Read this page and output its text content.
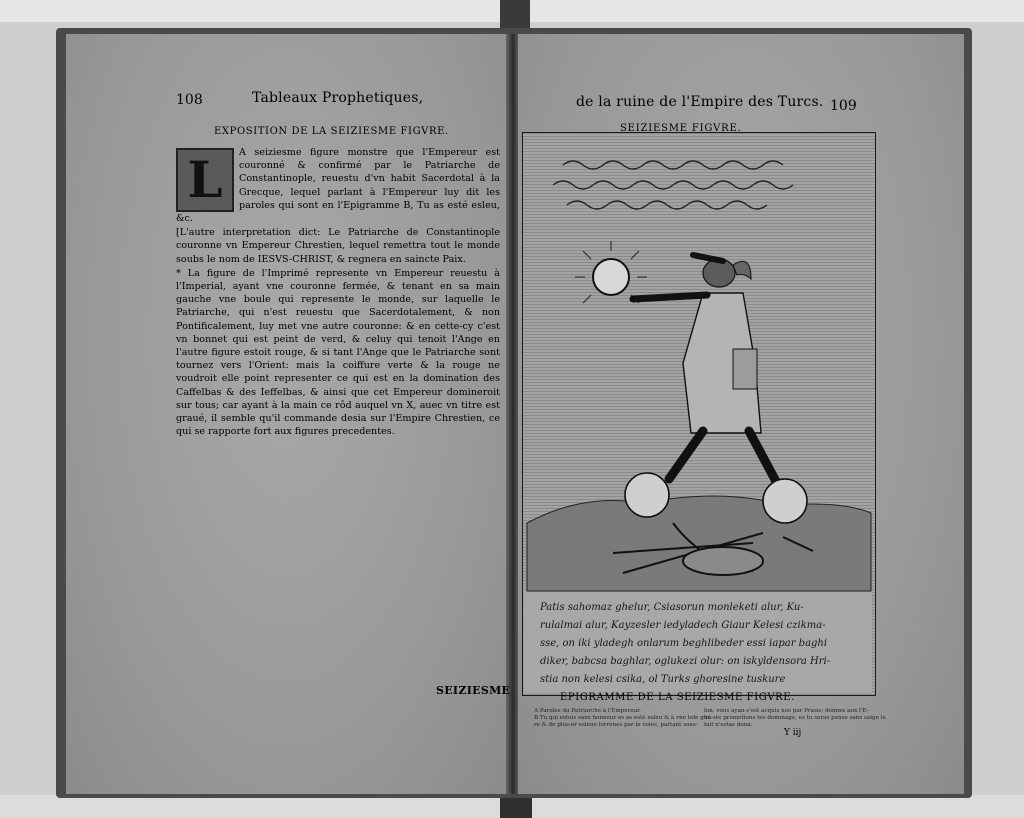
108	Tableaux Prophetiques,
EXPOSITION DE LA SEIZIESME FIGVRE.
L	A seiziesme figure monstre que l'Empereur est couronné & confirmé par le Patriarche de Constantinople, reuestu d'vn habit Sacerdotal à la Grecque, lequel parlant à l'Empereur luy dit les paroles qui sont en l'Epigramme B, Tu as esté esleu, &c.

[L'autre interpretation dict: Le Patriarche de Constantinople couronne vn Empereur Chrestien, lequel remettra tout le monde soubs le nom de IESVS-CHRIST, & regnera en saincte Paix.

* La figure de l'Imprimé represente vn Empereur reuestu à l'Imperial, ayant vne couronne fermée, & tenant en sa main gauche vne boule qui represente le monde, sur laquelle le Patriarche, qui n'est reuestu que Sacerdotalement, & non Pontificalement, luy met vne autre couronne: & en cette-cy c'est vn bonnet qui est peint de verd, & celuy qui tenoit l'Ange en l'autre figure estoit rouge, & si tant l'Ange que le Patriarche sont tournez vers l'Orient: mais la coiffure verte & la rouge ne voudroit elle point representer ce qui est en la domination des Caffelbas & des Ieffelbas, & ainsi que cet Empereur domineroit sur tous; car ayant à la main ce rôd auquel vn X, auec vn titre est graué, il semble qu'il commande desia sur l'Empire Chrestien, ce qui se rapporte fort aux figures precedentes.

SEIZIESME
de la ruine de l'Empire des Turcs. 109
SEIZIESME FIGVRE.
Patis sahomaz ghelur, Csiasorun monleketi alur, Ku-
rulalmai alur, Kayzesler iedyladech Giaur Kelesi czikma-
sse, on iki yladegh onlarum beghlibeder essi iapar baghi
diker, babcsa baghlar, oglukezi olur: on iskyldensora Hri-
stia non kelesi csika, ol Turks ghoresine tuskure
EPIGRAMME DE LA SEIZIESME FIGVRE.
A Paroles du Patriarche à l'Empereur.
B Tu qui estois sans honneur es as esté esleu & à vne tele gloi-
re & de plus-or esleue lorrenes par le voies, partant sous-
lon. vous ayan-s'est acquis nos par Prasis: donnes aux l'E-
mi-ste promotions tes dommage, es tu seras pense sans saige le
fait n'estas dona.
Y iij
